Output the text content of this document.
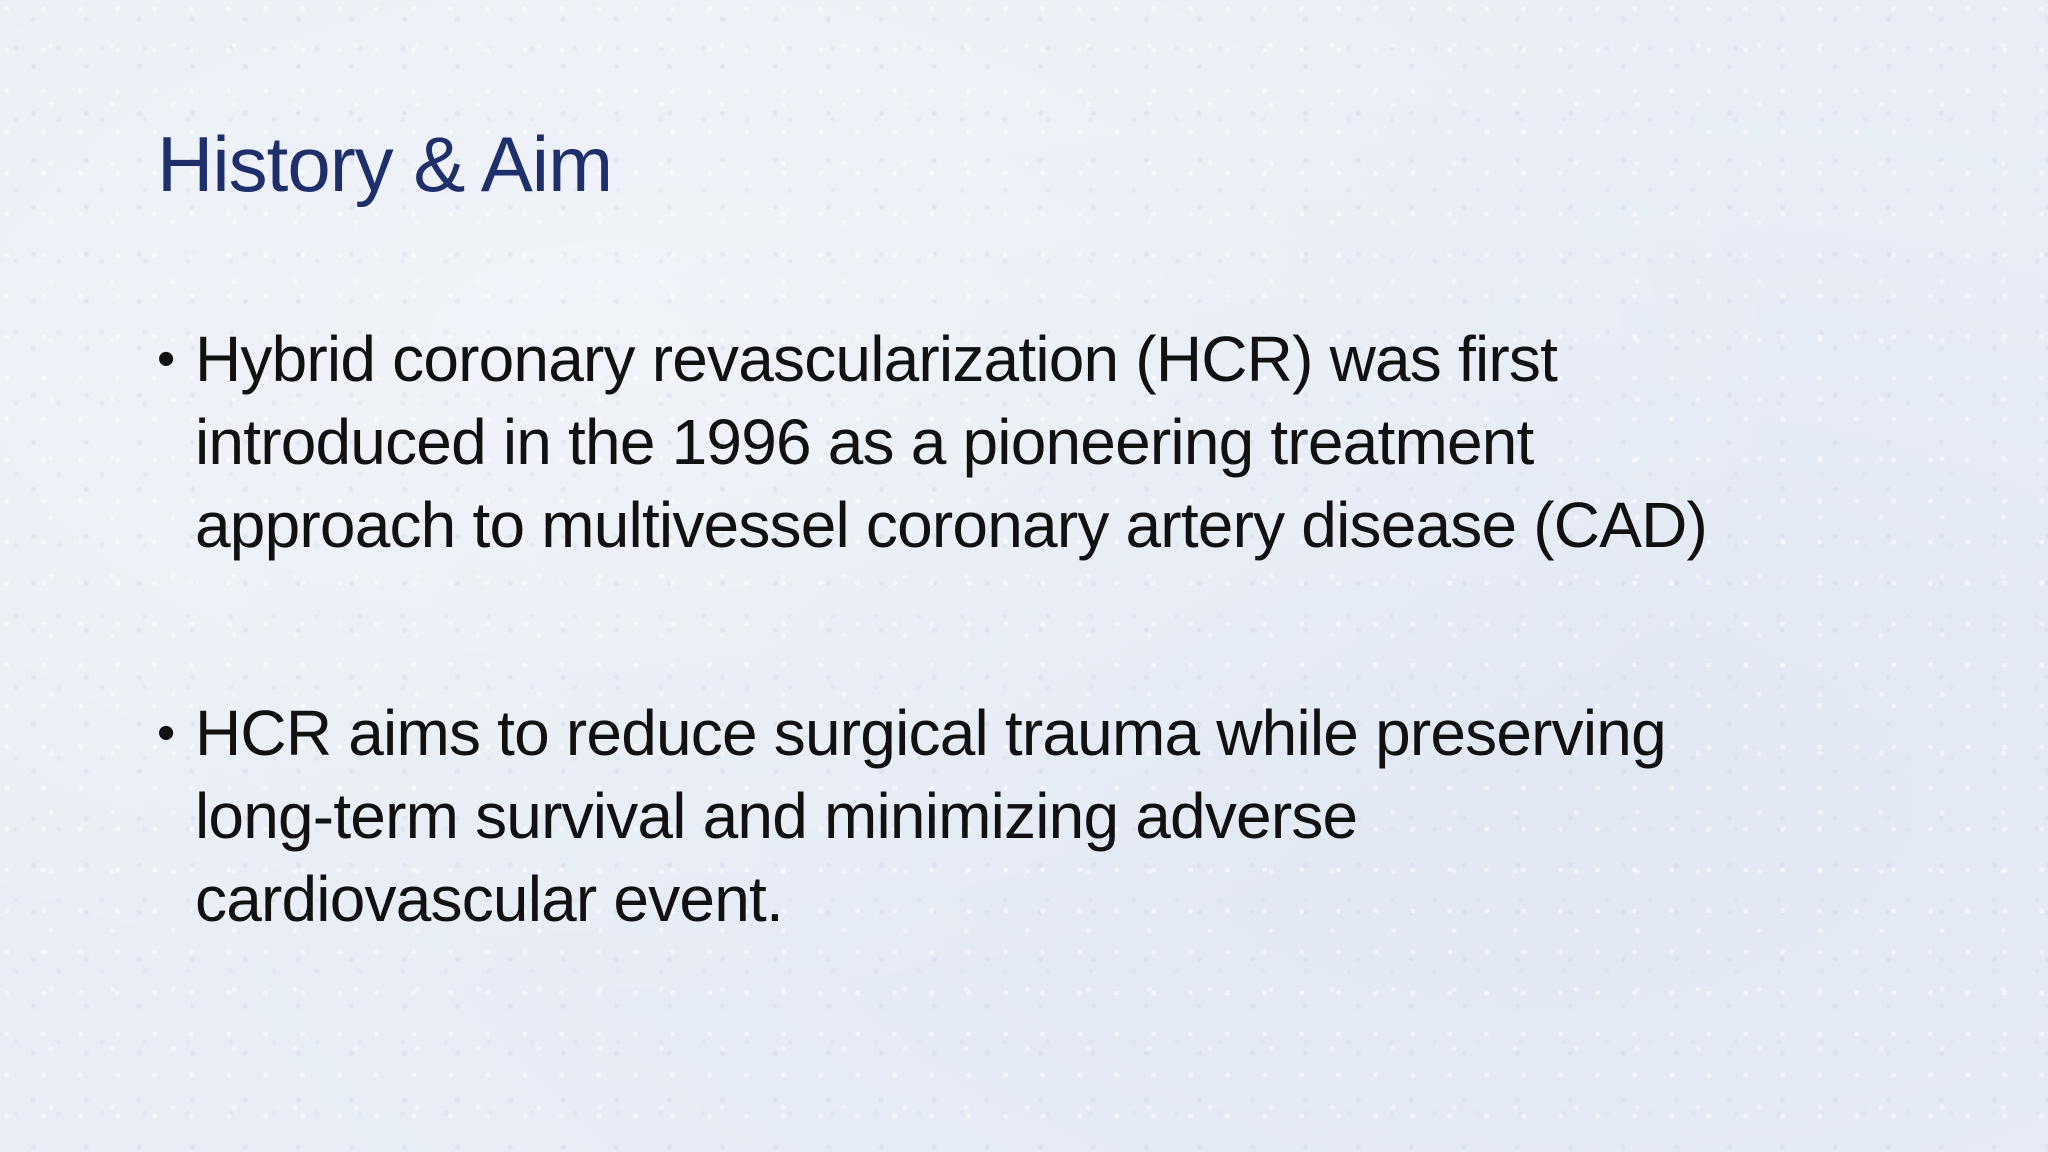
History & Aim
• Hybrid coronary revascularization (HCR) was first
introduced in the 1996 as a pioneering treatment
approach to multivessel coronary artery disease (CAD)
• HCR aims to reduce surgical trauma while preserving
long-term survival and minimizing adverse
cardiovascular event.
